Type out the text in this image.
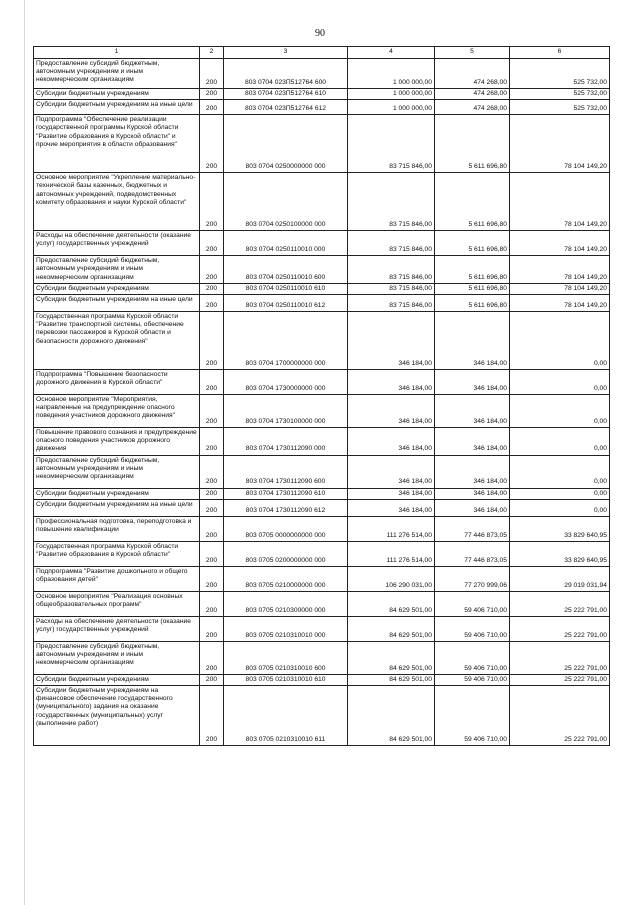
90
1	2	3	4	5	6
Предоставление субсидий бюджетным, автономным учреждениям и иным некоммерческим организациям	200	803 0704 023П512764 600	1 000 000,00	474 268,00	525 732,00
Субсидии бюджетным учреждениям	200	803 0704 023П512764 610	1 000 000,00	474 268,00	525 732,00
Субсидии бюджетным учреждениям на иные цели	200	803 0704 023П512764 612	1 000 000,00	474 268,00	525 732,00
Подпрограмма "Обеспечение реализации государственной программы Курской области "Развитие образования в Курской области" и прочие мероприятия в области образования"	200	803 0704 0250000000 000	83 715 846,00	5 611 696,80	78 104 149,20
Основное мероприятие "Укрепление материально-технической базы казенных, бюджетных и автономных учреждений, подведомственных комитету образования и науки Курской области"	200	803 0704 0250100000 000	83 715 846,00	5 611 696,80	78 104 149,20
Расходы на обеспечение деятельности (оказание услуг) государственных учреждений	200	803 0704 0250110010 000	83 715 846,00	5 611 696,80	78 104 149,20
Предоставление субсидий бюджетным, автономным учреждениям и иным некоммерческим организациям	200	803 0704 0250110010 600	83 715 846,00	5 611 696,80	78 104 149,20
Субсидии бюджетным учреждениям	200	803 0704 0250110010 610	83 715 846,00	5 611 696,80	78 104 149,20
Субсидии бюджетным учреждениям на иные цели	200	803 0704 0250110010 612	83 715 846,00	5 611 696,80	78 104 149,20
Государственная программа Курской области "Развитие транспортной системы, обеспечение перевозки пассажиров в Курской области и безопасности дорожного движения"	200	803 0704 1700000000 000	346 184,00	346 184,00	0,00
Подпрограмма "Повышение безопасности дорожного движения в Курской области"	200	803 0704 1730000000 000	346 184,00	346 184,00	0,00
Основное мероприятие "Мероприятия, направленные на предупреждение опасного поведения участников дорожного движения"	200	803 0704 1730100000 000	346 184,00	346 184,00	0,00
Повышение правового сознания и предупреждение опасного поведения участников дорожного движения	200	803 0704 1730112090 000	346 184,00	346 184,00	0,00
Предоставление субсидий бюджетным, автономным учреждениям и иным некоммерческим организациям	200	803 0704 1730112090 600	346 184,00	346 184,00	0,00
Субсидии бюджетным учреждениям	200	803 0704 1730112090 610	346 184,00	346 184,00	0,00
Субсидии бюджетным учреждениям на иные цели	200	803 0704 1730112090 612	346 184,00	346 184,00	0,00
Профессиональная подготовка, переподготовка и повышение квалификации	200	803 0705 0000000000 000	111 276 514,00	77 446 873,05	33 829 640,95
Государственная программа Курской области "Развитие образования в Курской области"	200	803 0705 0200000000 000	111 276 514,00	77 446 873,05	33 829 640,95
Подпрограмма "Развитие дошкольного и общего образования детей"	200	803 0705 0210000000 000	106 290 031,00	77 270 999,06	29 019 031,94
Основное мероприятие "Реализация основных общеобразовательных программ"	200	803 0705 0210300000 000	84 629 501,00	59 406 710,00	25 222 791,00
Расходы на обеспечение деятельности (оказание услуг) государственных учреждений	200	803 0705 0210310010 000	84 629 501,00	59 406 710,00	25 222 791,00
Предоставление субсидий бюджетным, автономным учреждениям и иным некоммерческим организациям	200	803 0705 0210310010 600	84 629 501,00	59 406 710,00	25 222 791,00
Субсидии бюджетным учреждениям	200	803 0705 0210310010 610	84 629 501,00	59 406 710,00	25 222 791,00
Субсидии бюджетным учреждениям на финансовое обеспечение государственного (муниципального) задания на оказание государственных (муниципальных) услуг (выполнение работ)	200	803 0705 0210310010 611	84 629 501,00	59 406 710,00	25 222 791,00
